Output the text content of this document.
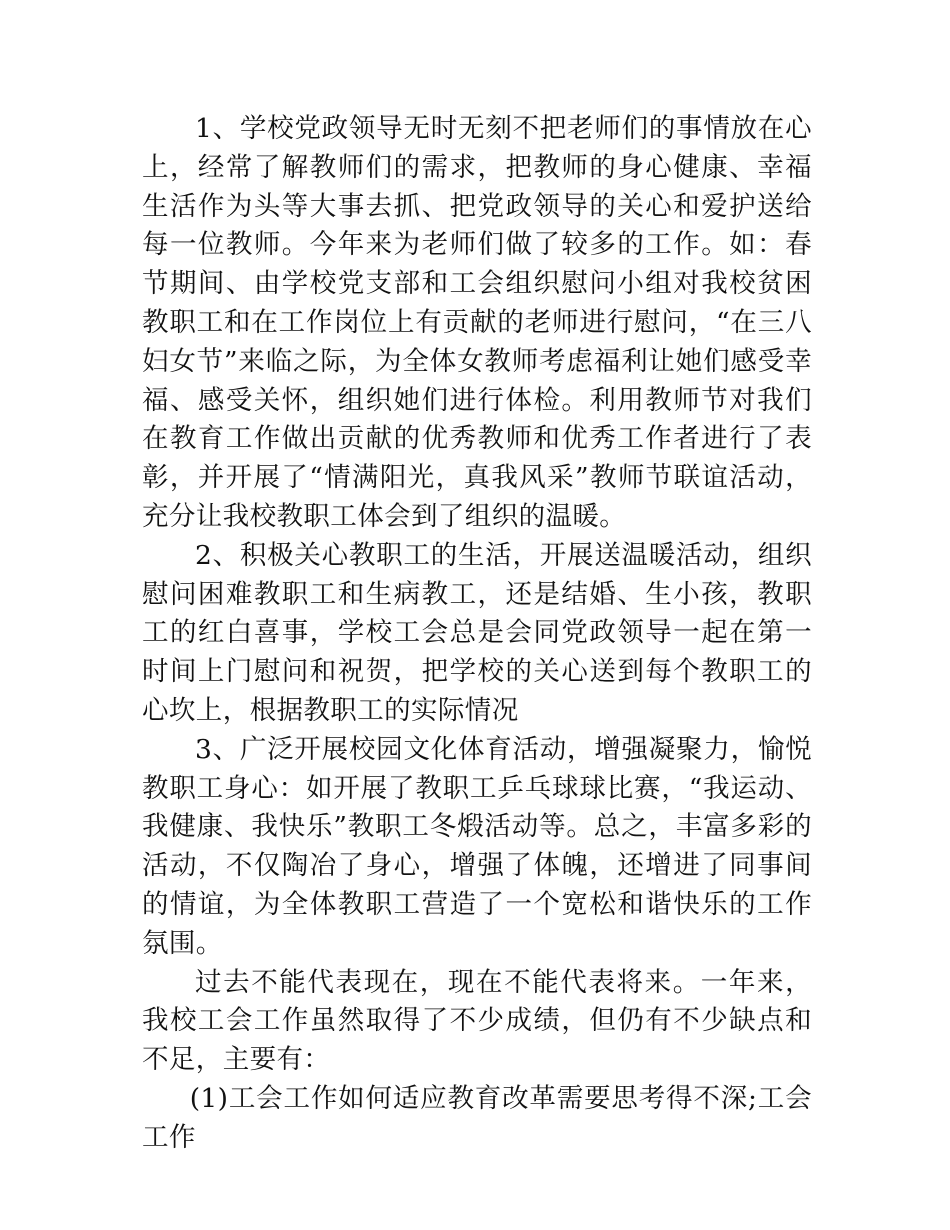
1、学校党政领导无时无刻不把老师们的事情放在心上，经常了解教师们的需求，把教师的身心健康、幸福生活作为头等大事去抓、把党政领导的关心和爱护送给每一位教师。今年来为老师们做了较多的工作。如：春节期间、由学校党支部和工会组织慰问小组对我校贫困教职工和在工作岗位上有贡献的老师进行慰问，“在三八妇女节”来临之际，为全体女教师考虑福利让她们感受幸福、感受关怀，组织她们进行体检。利用教师节对我们在教育工作做出贡献的优秀教师和优秀工作者进行了表彰，并开展了“情满阳光，真我风采”教师节联谊活动，充分让我校教职工体会到了组织的温暖。

2、积极关心教职工的生活，开展送温暖活动，组织慰问困难教职工和生病教工，还是结婚、生小孩，教职工的红白喜事，学校工会总是会同党政领导一起在第一时间上门慰问和祝贺，把学校的关心送到每个教职工的心坎上，根据教职工的实际情况

3、广泛开展校园文化体育活动，增强凝聚力，愉悦教职工身心：如开展了教职工乒乓球球比赛，“我运动、我健康、我快乐”教职工冬煅活动等。总之，丰富多彩的活动，不仅陶冶了身心，增强了体魄，还增进了同事间的情谊，为全体教职工营造了一个宽松和谐快乐的工作氛围。

过去不能代表现在，现在不能代表将来。一年来，我校工会工作虽然取得了不少成绩，但仍有不少缺点和不足，主要有：

(1)工会工作如何适应教育改革需要思考得不深;工会工作
